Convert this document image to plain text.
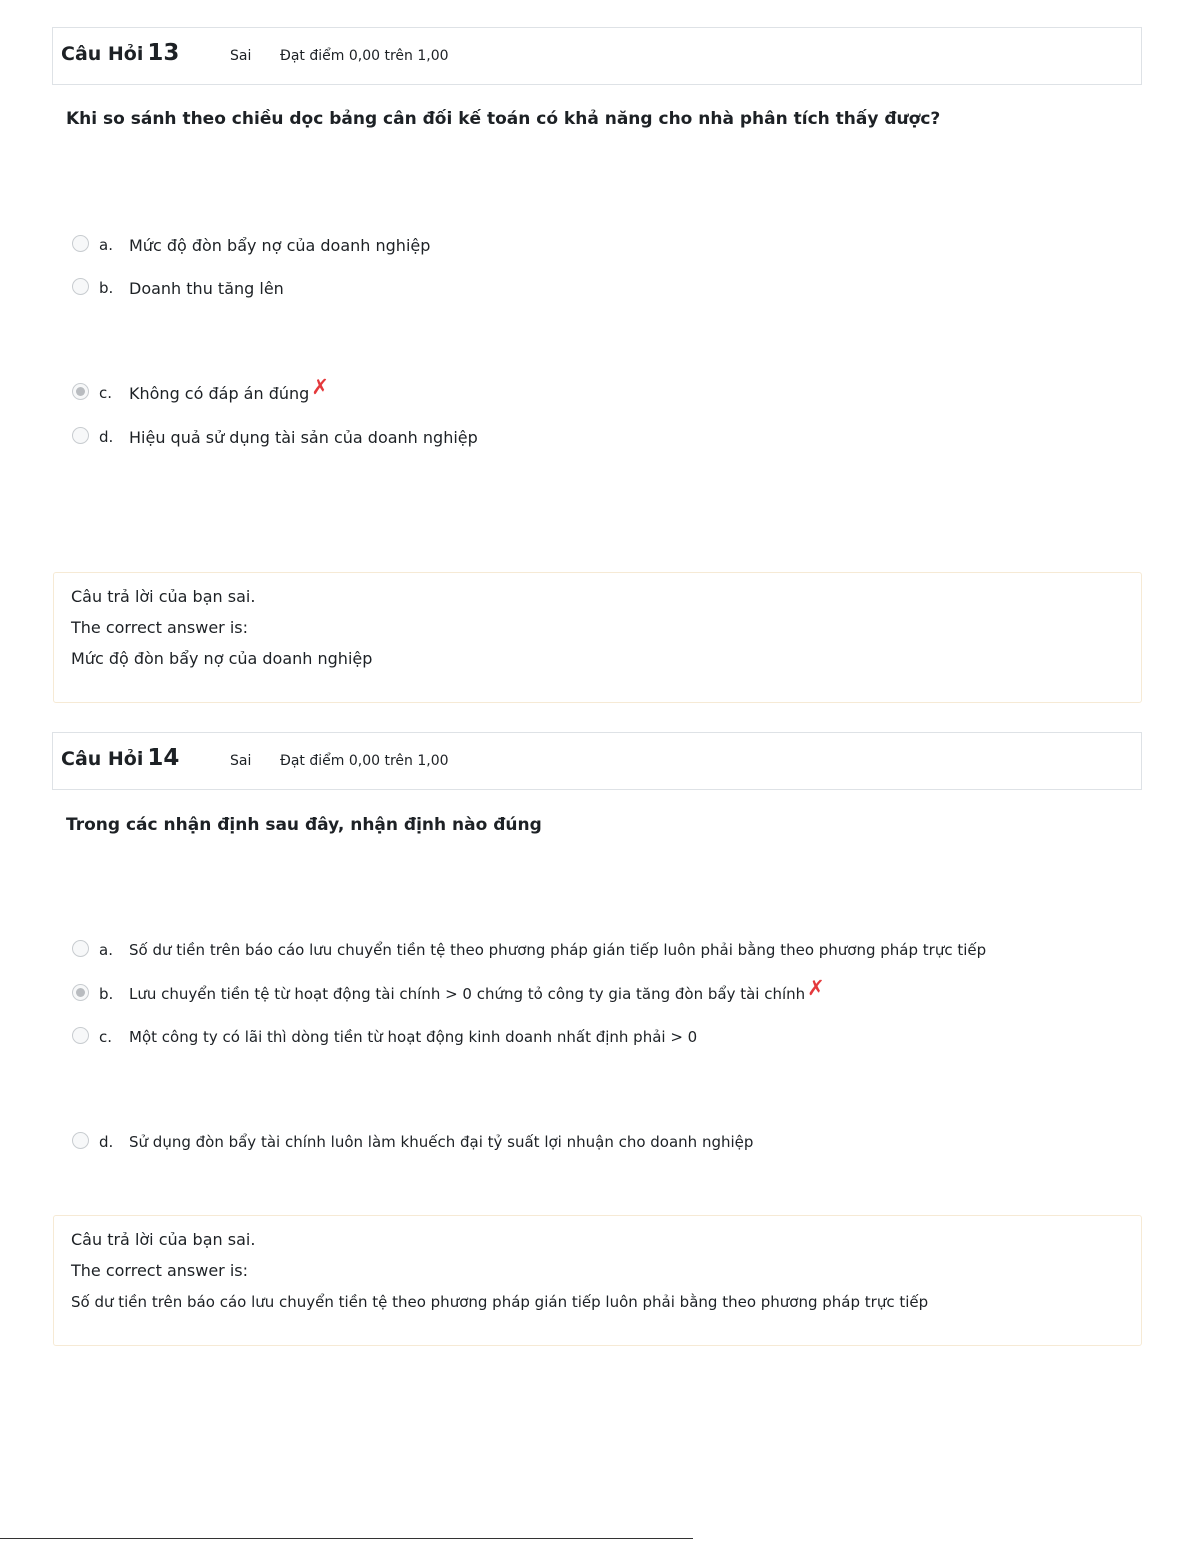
Câu Hỏi 13	Sai Đạt điểm 0,00 trên 1,00
Khi so sánh theo chiều dọc bảng cân đối kế toán có khả năng cho nhà phân tích thấy được?
a.	Mức độ đòn bẩy nợ của doanh nghiệp
b. Doanh thu tăng lên
c.	Không có đáp án đúng ✗
d. Hiệu quả sử dụng tài sản của doanh nghiệp

Câu trả lời của bạn sai.

The correct answer is:

Mức độ đòn bẩy nợ của doanh nghiệp

Câu Hỏi 14	Sai Đạt điểm 0,00 trên 1,00
Trong các nhận định sau đây, nhận định nào đúng
a.	Số dư tiền trên báo cáo lưu chuyển tiền tệ theo phương pháp gián tiếp luôn phải bằng theo phương pháp trực tiếp
b.	Lưu chuyển tiền tệ từ hoạt động tài chính > 0 chứng tỏ công ty gia tăng đòn bẩy tài chính ✗
c.	Một công ty có lãi thì dòng tiền từ hoạt động kinh doanh nhất định phải > 0
d.	Sử dụng đòn bẩy tài chính luôn làm khuếch đại tỷ suất lợi nhuận cho doanh nghiệp

Câu trả lời của bạn sai.

The correct answer is:

Số dư tiền trên báo cáo lưu chuyển tiền tệ theo phương pháp gián tiếp luôn phải bằng theo phương pháp trực tiếp
